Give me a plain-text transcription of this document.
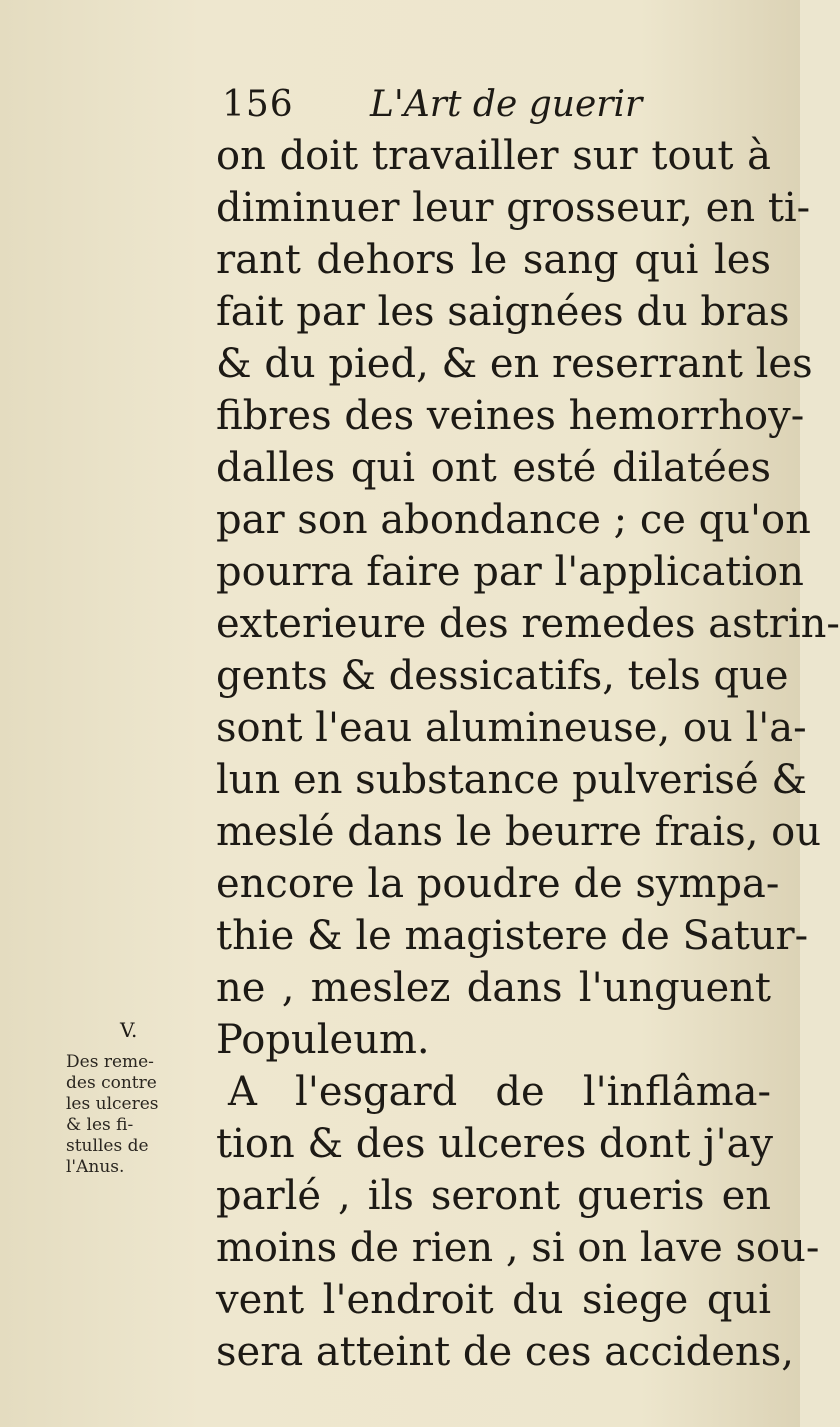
156 L'Art de guerir
on doit travailler sur tout à
diminuer leur grosseur, en ti-
rant dehors le sang qui les
fait par les saignées du bras
& du pied, & en reserrant les
fibres des veines hemorrhoy-
dalles qui ont esté dilatées
par son abondance ; ce qu'on
pourra faire par l'application
exterieure des remedes astrin-
gents & dessicatifs, tels que
sont l'eau alumineuse, ou l'a-
lun en substance pulverisé &
meslé dans le beurre frais, ou
encore la poudre de sympa-
thie & le magistere de Satur-
ne , meslez dans l'unguent
Populeum.
A l'esgard de l'inflâma-
tion & des ulceres dont j'ay
parlé , ils seront gueris en
moins de rien , si on lave sou-
vent l'endroit du siege qui
sera atteint de ces accidens,
V.
Des reme-
des contre
les ulceres
& les fi-
stulles de
l'Anus.
